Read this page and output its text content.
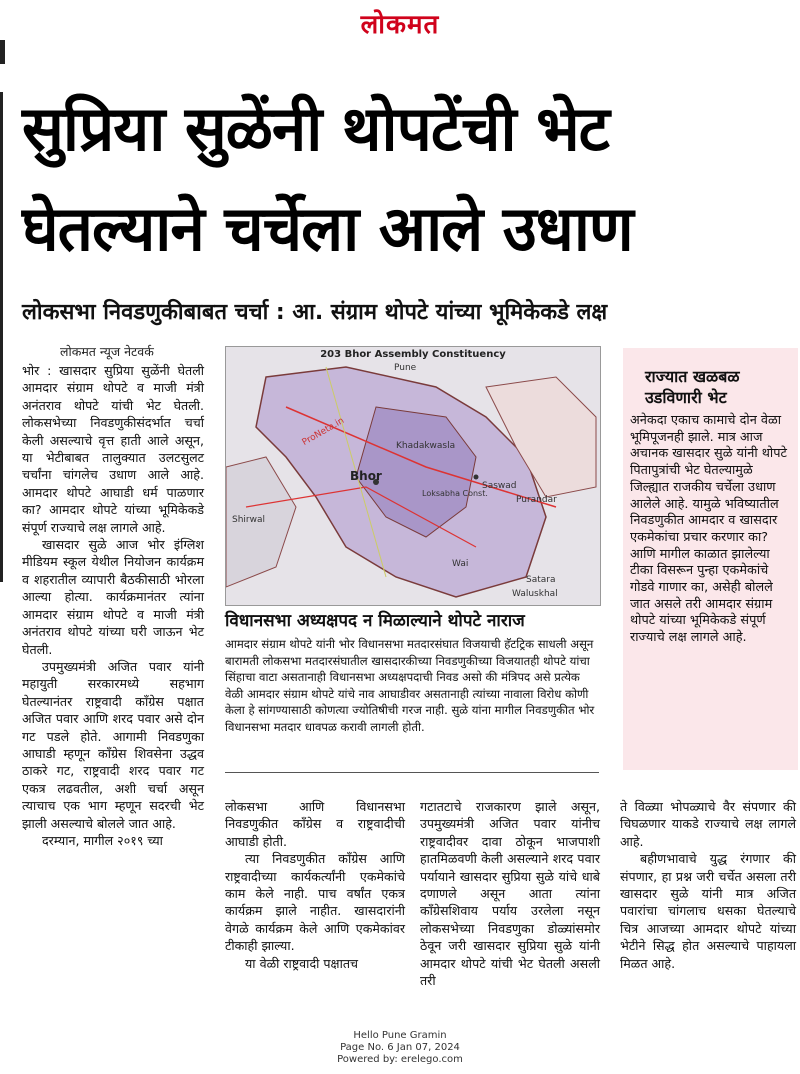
लोकमत
सुप्रिया सुळेंनी थोपटेंची भेट
घेतल्याने चर्चेला आले उधाण
लोकसभा निवडणुकीबाबत चर्चा : आ. संग्राम थोपटे यांच्या भूमिकेकडे लक्ष
लोकमत न्यूज नेटवर्क

भोर : खासदार सुप्रिया सुळेंनी घेतली आमदार संग्राम थोपटे व माजी मंत्री अनंतराव थोपटे यांची भेट घेतली. लोकसभेच्या निवडणुकीसंदर्भात चर्चा केली असल्याचे वृत्त हाती आले असून, या भेटीबाबत तालुक्यात उलटसुलट चर्चांना चांगलेच उधाण आले आहे. आमदार थोपटे आघाडी धर्म पाळणार का? आमदार थोपटे यांच्या भूमिकेकडे संपूर्ण राज्याचे लक्ष लागले आहे.

खासदार सुळे आज भोर इंग्लिश मीडियम स्कूल येथील नियोजन कार्यक्रम व शहरातील व्यापारी बैठकीसाठी भोरला आल्या होत्या. कार्यक्रमानंतर त्यांना आमदार संग्राम थोपटे व माजी मंत्री अनंतराव थोपटे यांच्या घरी जाऊन भेट घेतली.

उपमुख्यमंत्री अजित पवार यांनी महायुती सरकारमध्ये सहभाग घेतल्यानंतर राष्ट्रवादी काँग्रेस पक्षात अजित पवार आणि शरद पवार असे दोन गट पडले होते. आगामी निवडणुका आघाडी म्हणून काँग्रेस शिवसेना उद्धव ठाकरे गट, राष्ट्रवादी शरद पवार गट एकत्र लढवतील, अशी चर्चा असून त्याचाच एक भाग म्हणून सदरची भेट झाली असल्याचे बोलले जात आहे.

दरम्यान, मागील २०१९ च्या

203 Bhor Assembly Constituency
Bhor
Pune
Shirwal
Saswad
Khadakwasla
Satara
Waluskhal
ProNeta.in
Purandar
Loksabha Const.
Wai
राज्यात खळबळ उडविणारी भेट
अनेकदा एकाच कामाचे दोन वेळा भूमिपूजनही झाले. मात्र आज अचानक खासदार सुळे यांनी थोपटे पितापुत्रांची भेट घेतल्यामुळे जिल्ह्यात राजकीय चर्चेला उधाण आलेले आहे. यामुळे भविष्यातील निवडणुकीत आमदार व खासदार एकमेकांचा प्रचार करणार का? आणि मागील काळात झालेल्या टीका विसरून पुन्हा एकमेकांचे गोडवे गाणार का, असेही बोलले जात असले तरी आमदार संग्राम थोपटे यांच्या भूमिकेकडे संपूर्ण राज्याचे लक्ष लागले आहे.
विधानसभा अध्यक्षपद न मिळाल्याने थोपटे नाराज
आमदार संग्राम थोपटे यांनी भोर विधानसभा मतदारसंघात विजयाची हॅटट्रिक साधली असून बारामती लोकसभा मतदारसंघातील खासदारकीच्या निवडणुकीच्या विजयातही थोपटे यांचा सिंहाचा वाटा असतानाही विधानसभा अध्यक्षपदाची निवड असो की मंत्रिपद असे प्रत्येक वेळी आमदार संग्राम थोपटे यांचे नाव आघाडीवर असतानाही त्यांच्या नावाला विरोध कोणी केला हे सांगण्यासाठी कोणत्या ज्योतिषीची गरज नाही. सुळे यांना मागील निवडणुकीत भोर विधानसभा मतदार धावपळ करावी लागली होती.

लोकसभा आणि विधानसभा निवडणुकीत काँग्रेस व राष्ट्रवादीची आघाडी होती.

त्या निवडणुकीत काँग्रेस आणि राष्ट्रवादीच्या कार्यकर्त्यांनी एकमेकांचे काम केले नाही. पाच वर्षांत एकत्र कार्यक्रम झाले नाहीत. खासदारांनी वेगळे कार्यक्रम केले आणि एकमेकांवर टीकाही झाल्या.

या वेळी राष्ट्रवादी पक्षातच

गटातटाचे राजकारण झाले असून, उपमुख्यमंत्री अजित पवार यांनीच राष्ट्रवादीवर दावा ठोकून भाजपाशी हातमिळवणी केली असल्याने शरद पवार पर्यायाने खासदार सुप्रिया सुळे यांचे धाबे दणाणले असून आता त्यांना काँग्रेसशिवाय पर्याय उरलेला नसून लोकसभेच्या निवडणुका डोळ्यांसमोर ठेवून जरी खासदार सुप्रिया सुळे यांनी आमदार थोपटे यांची भेट घेतली असली तरी

ते विळ्या भोपळ्याचे वैर संपणार की चिघळणार याकडे राज्याचे लक्ष लागले आहे.

बहीणभावाचे युद्ध रंगणार की संपणार, हा प्रश्न जरी चर्चेत असला तरी खासदार सुळे यांनी मात्र अजित पवारांचा चांगलाच धसका घेतल्याचे चित्र आजच्या आमदार थोपटे यांच्या भेटीने सिद्ध होत असल्याचे पाहायला मिळत आहे.

Hello Pune Gramin
Page No. 6 Jan 07, 2024
Powered by: erelego.com
